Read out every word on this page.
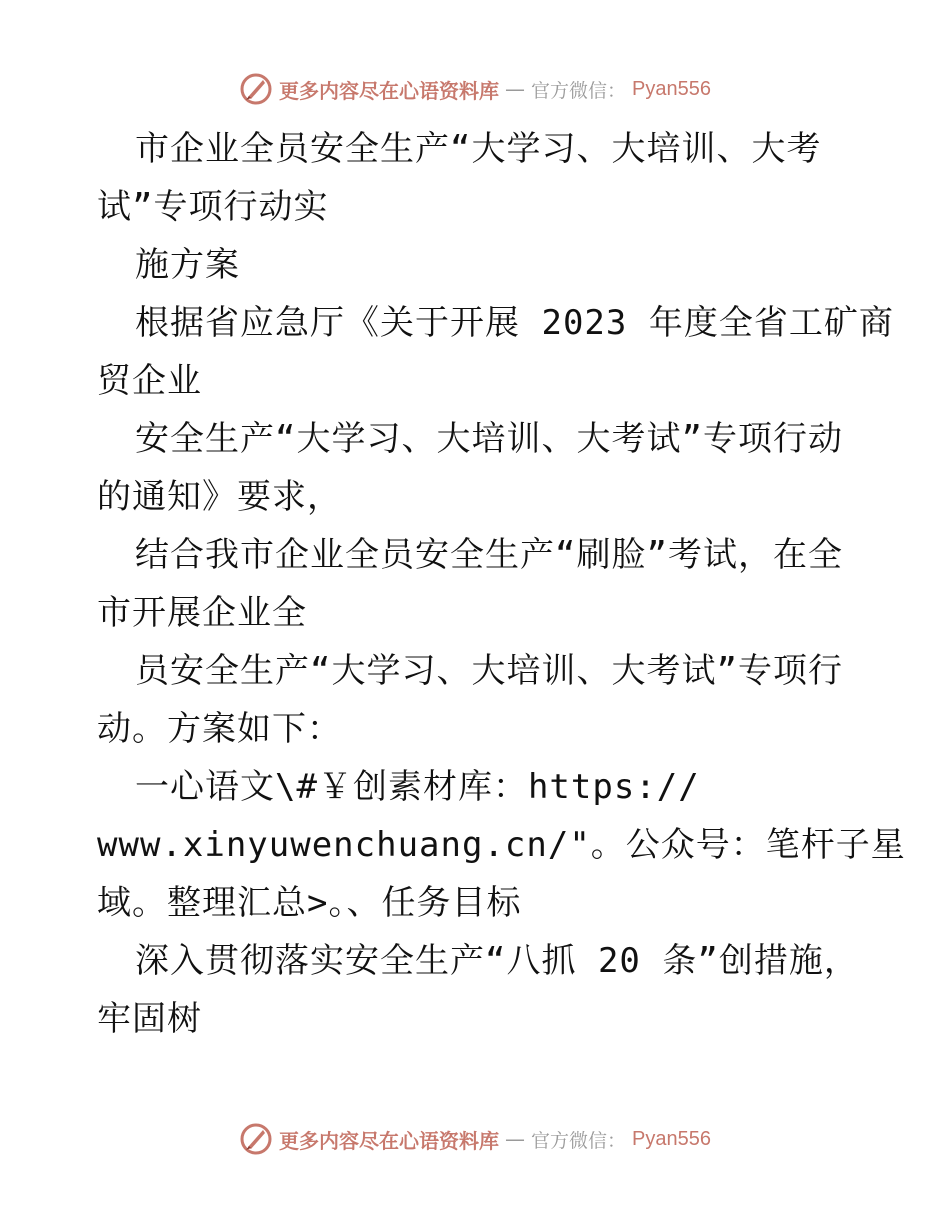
更多内容尽在心语资料库 — 官方微信： Pyan556
市企业全员安全生产“大学习、大培训、大考
试”专项行动实
施方案
根据省应急厅《关于开展 2023 年度全省工矿商
贸企业
安全生产“大学习、大培训、大考试”专项行动
的通知》要求，
结合我市企业全员安全生产“刷脸”考试，在全
市开展企业全
员安全生产“大学习、大培训、大考试”专项行
动。方案如下：
一心语文\#￥创素材库：https://
www.xinyuwenchuang.cn/"。公众号：笔杆子星
域。整理汇总>。、任务目标
深入贯彻落实安全生产“八抓 20 条”创措施，
牢固树
更多内容尽在心语资料库 — 官方微信： Pyan556
